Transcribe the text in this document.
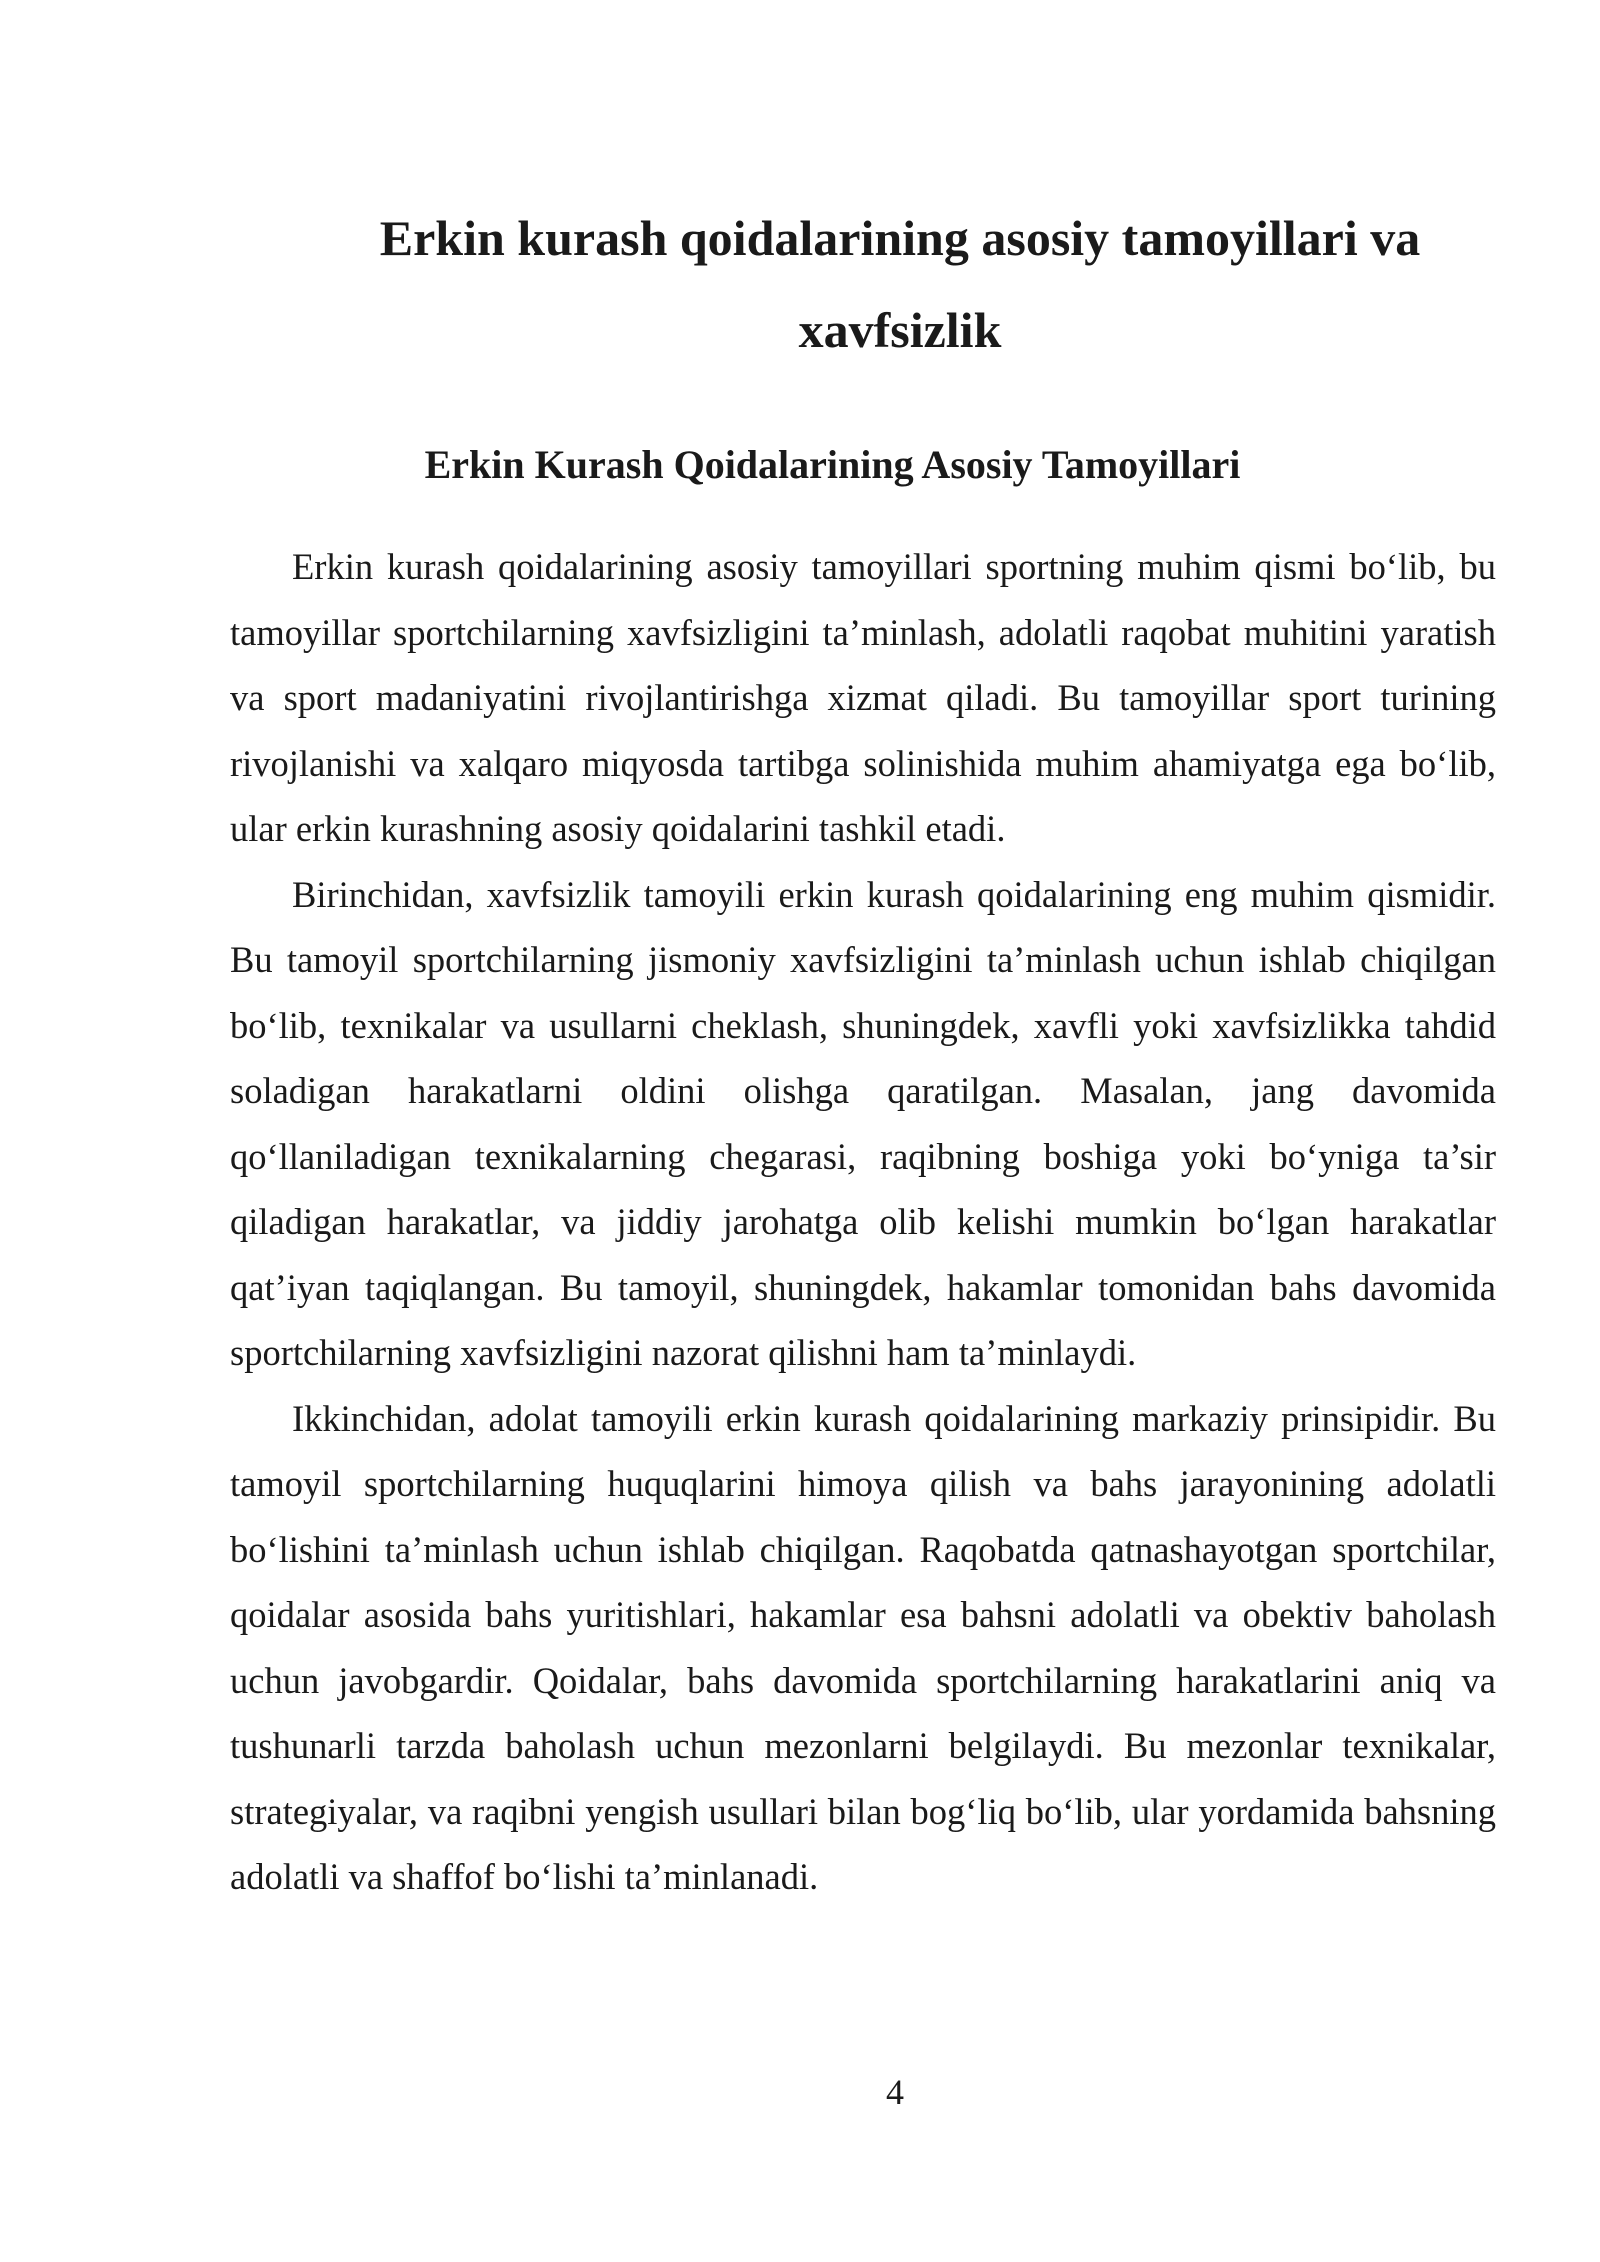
Erkin kurash qoidalarining asosiy tamoyillari va xavfsizlik
Erkin Kurash Qoidalarining Asosiy Tamoyillari

Erkin kurash qoidalarining asosiy tamoyillari sportning muhim qismi bo‘lib, bu tamoyillar sportchilarning xavfsizligini ta’minlash, adolatli raqobat muhitini yaratish va sport madaniyatini rivojlantirishga xizmat qiladi. Bu tamoyillar sport turining rivojlanishi va xalqaro miqyosda tartibga solinishida muhim ahamiyatga ega bo‘lib, ular erkin kurashning asosiy qoidalarini tashkil etadi.

Birinchidan, xavfsizlik tamoyili erkin kurash qoidalarining eng muhim qismidir. Bu tamoyil sportchilarning jismoniy xavfsizligini ta’minlash uchun ishlab chiqilgan bo‘lib, texnikalar va usullarni cheklash, shuningdek, xavfli yoki xavfsizlikka tahdid soladigan harakatlarni oldini olishga qaratilgan. Masalan, jang davomida qo‘llaniladigan texnikalarning chegarasi, raqibning boshiga yoki bo‘yniga ta’sir qiladigan harakatlar, va jiddiy jarohatga olib kelishi mumkin bo‘lgan harakatlar qat’iyan taqiqlangan. Bu tamoyil, shuningdek, hakamlar tomonidan bahs davomida sportchilarning xavfsizligini nazorat qilishni ham ta’minlaydi.

Ikkinchidan, adolat tamoyili erkin kurash qoidalarining markaziy prinsipidir. Bu tamoyil sportchilarning huquqlarini himoya qilish va bahs jarayonining adolatli bo‘lishini ta’minlash uchun ishlab chiqilgan. Raqobatda qatnashayotgan sportchilar, qoidalar asosida bahs yuritishlari, hakamlar esa bahsni adolatli va obektiv baholash uchun javobgardir. Qoidalar, bahs davomida sportchilarning harakatlarini aniq va tushunarli tarzda baholash uchun mezonlarni belgilaydi. Bu mezonlar texnikalar, strategiyalar, va raqibni yengish usullari bilan bog‘liq bo‘lib, ular yordamida bahsning adolatli va shaffof bo‘lishi ta’minlanadi.

4
